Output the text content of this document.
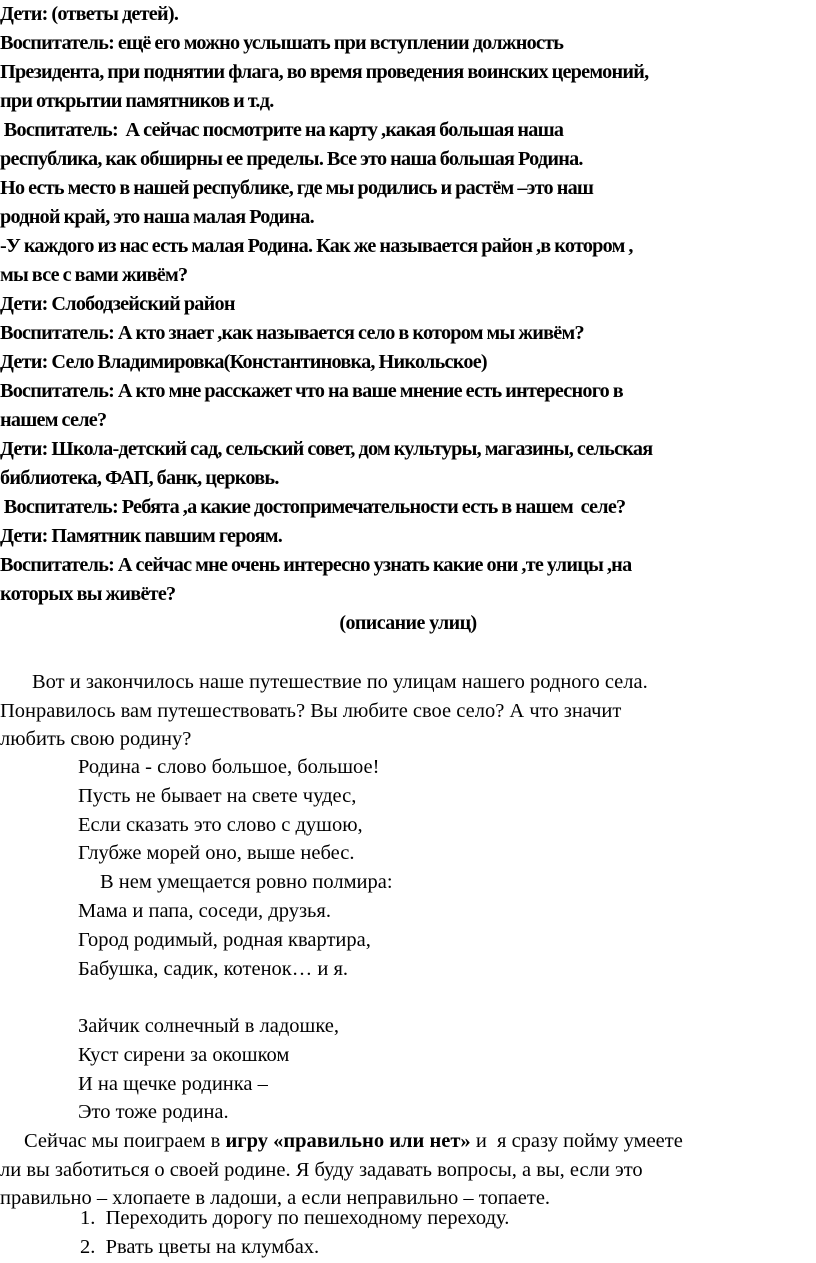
Дети: (ответы детей).

Воспитатель: ещё его можно услышать при вступлении должность

Президента, при поднятии флага, во время проведения воинских церемоний,

при открытии памятников и т.д.

Воспитатель:  А сейчас посмотрите на карту ,какая большая наша

республика, как обширны ее пределы. Все это наша большая Родина.

Но есть место в нашей республике, где мы родились и растём –это наш

родной край, это наша малая Родина.

-У каждого из нас есть малая Родина. Как же называется район ,в котором ,

мы все с вами живём?

Дети: Слободзейский район

Воспитатель: А кто знает ,как называется село в котором мы живём?

Дети: Село Владимировка(Константиновка, Никольское)

Воспитатель: А кто мне расскажет что на ваше мнение есть интересного в

нашем селе?

Дети: Школа-детский сад, сельский совет, дом культуры, магазины, сельская

библиотека, ФАП, банк, церковь.

Воспитатель: Ребята ,а какие достопримечательности есть в нашем  селе?

Дети: Памятник павшим героям.

Воспитатель: А сейчас мне очень интересно узнать какие они ,те улицы ,на

которых вы живёте?

(описание улиц)

Вот и закончилось наше путешествие по улицам нашего родного села.
Понравилось вам путешествовать? Вы любите свое село? А что значит
любить свою родину?
Родина - слово большое, большое!
Пусть не бывает на свете чудес,
Если сказать это слово с душою,
Глубже морей оно, выше небес.
В нем умещается ровно полмира:
Мама и папа, соседи, друзья.
Город родимый, родная квартира,
Бабушка, садик, котенок… и я.
Зайчик солнечный в ладошке,
Куст сирени за окошком
И на щечке родинка –
Это тоже родина.
Сейчас мы поиграем в игру «правильно или нет» и  я сразу пойму умеете
ли вы заботиться о своей родине. Я буду задавать вопросы, а вы, если это
правильно – хлопаете в ладоши, а если неправильно – топаете.

1.  Переходить дорогу по пешеходному переходу.

2.  Рвать цветы на клумбах.
